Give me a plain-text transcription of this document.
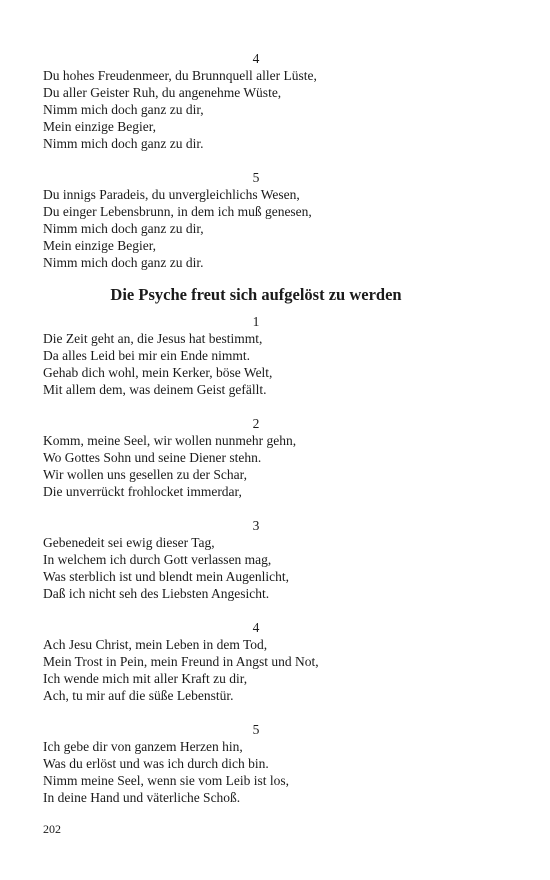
4
Du hohes Freudenmeer, du Brunnquell aller Lüste,
Du aller Geister Ruh, du angenehme Wüste,
Nimm mich doch ganz zu dir,
Mein einzige Begier,
Nimm mich doch ganz zu dir.
5
Du innigs Paradeis, du unvergleichlichs Wesen,
Du einger Lebensbrunn, in dem ich muß genesen,
Nimm mich doch ganz zu dir,
Mein einzige Begier,
Nimm mich doch ganz zu dir.
Die Psyche freut sich aufgelöst zu werden
1
Die Zeit geht an, die Jesus hat bestimmt,
Da alles Leid bei mir ein Ende nimmt.
Gehab dich wohl, mein Kerker, böse Welt,
Mit allem dem, was deinem Geist gefällt.
2
Komm, meine Seel, wir wollen nunmehr gehn,
Wo Gottes Sohn und seine Diener stehn.
Wir wollen uns gesellen zu der Schar,
Die unverrückt frohlocket immerdar,
3
Gebenedeit sei ewig dieser Tag,
In welchem ich durch Gott verlassen mag,
Was sterblich ist und blendt mein Augenlicht,
Daß ich nicht seh des Liebsten Angesicht.
4
Ach Jesu Christ, mein Leben in dem Tod,
Mein Trost in Pein, mein Freund in Angst und Not,
Ich wende mich mit aller Kraft zu dir,
Ach, tu mir auf die süße Lebenstür.
5
Ich gebe dir von ganzem Herzen hin,
Was du erlöst und was ich durch dich bin.
Nimm meine Seel, wenn sie vom Leib ist los,
In deine Hand und väterliche Schoß.
202
